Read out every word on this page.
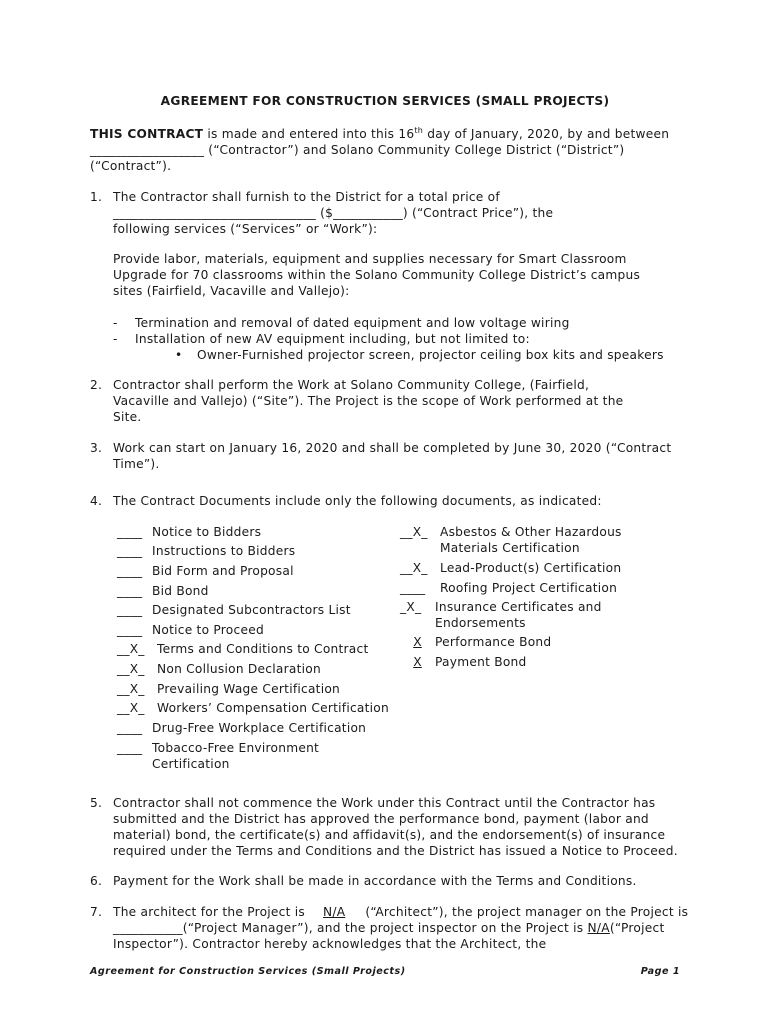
AGREEMENT FOR CONSTRUCTION SERVICES (SMALL PROJECTS)
THIS CONTRACT is made and entered into this 16th day of January, 2020, by and between
__________________ (“Contractor”) and Solano Community College District (“District”)
(“Contract”).
1. The Contractor shall furnish to the District for a total price of
________________________________ ($___________) (“Contract Price”), the
following services (“Services” or “Work”):
Provide labor, materials, equipment and supplies necessary for Smart Classroom Upgrade for 70 classrooms within the Solano Community College District’s campus sites (Fairfield, Vacaville and Vallejo):
- Termination and removal of dated equipment and low voltage wiring
- Installation of new AV equipment including, but not limited to:
• Owner-Furnished projector screen, projector ceiling box kits and speakers
2. Contractor shall perform the Work at Solano Community College, (Fairfield, Vacaville and Vallejo) (“Site”). The Project is the scope of Work performed at the Site.
3. Work can start on January 16, 2020 and shall be completed by June 30, 2020 (“Contract Time”).
4. The Contract Documents include only the following documents, as indicated:
____ Notice to Bidders
____ Instructions to Bidders
____ Bid Form and Proposal
____ Bid Bond
____ Designated Subcontractors List
____ Notice to Proceed
__X_ Terms and Conditions to Contract
__X_ Non Collusion Declaration
__X_ Prevailing Wage Certification
__X_ Workers’ Compensation Certification
____ Drug-Free Workplace Certification
____ Tobacco-Free Environment Certification
__X_ Asbestos & Other Hazardous Materials Certification
__X_ Lead-Product(s) Certification
____ Roofing Project Certification
_X_ Insurance Certificates and Endorsements
X Performance Bond
X Payment Bond
5. Contractor shall not commence the Work under this Contract until the Contractor has submitted and the District has approved the performance bond, payment (labor and material) bond, the certificate(s) and affidavit(s), and the endorsement(s) of insurance required under the Terms and Conditions and the District has issued a Notice to Proceed.
6. Payment for the Work shall be made in accordance with the Terms and Conditions.
7. The architect for the Project is N/A (“Architect”), the project manager on the Project is ___________(“Project Manager”), and the project inspector on the Project is N/A(“Project Inspector”). Contractor hereby acknowledges that the Architect, the
Agreement for Construction Services (Small Projects)	Page 1
